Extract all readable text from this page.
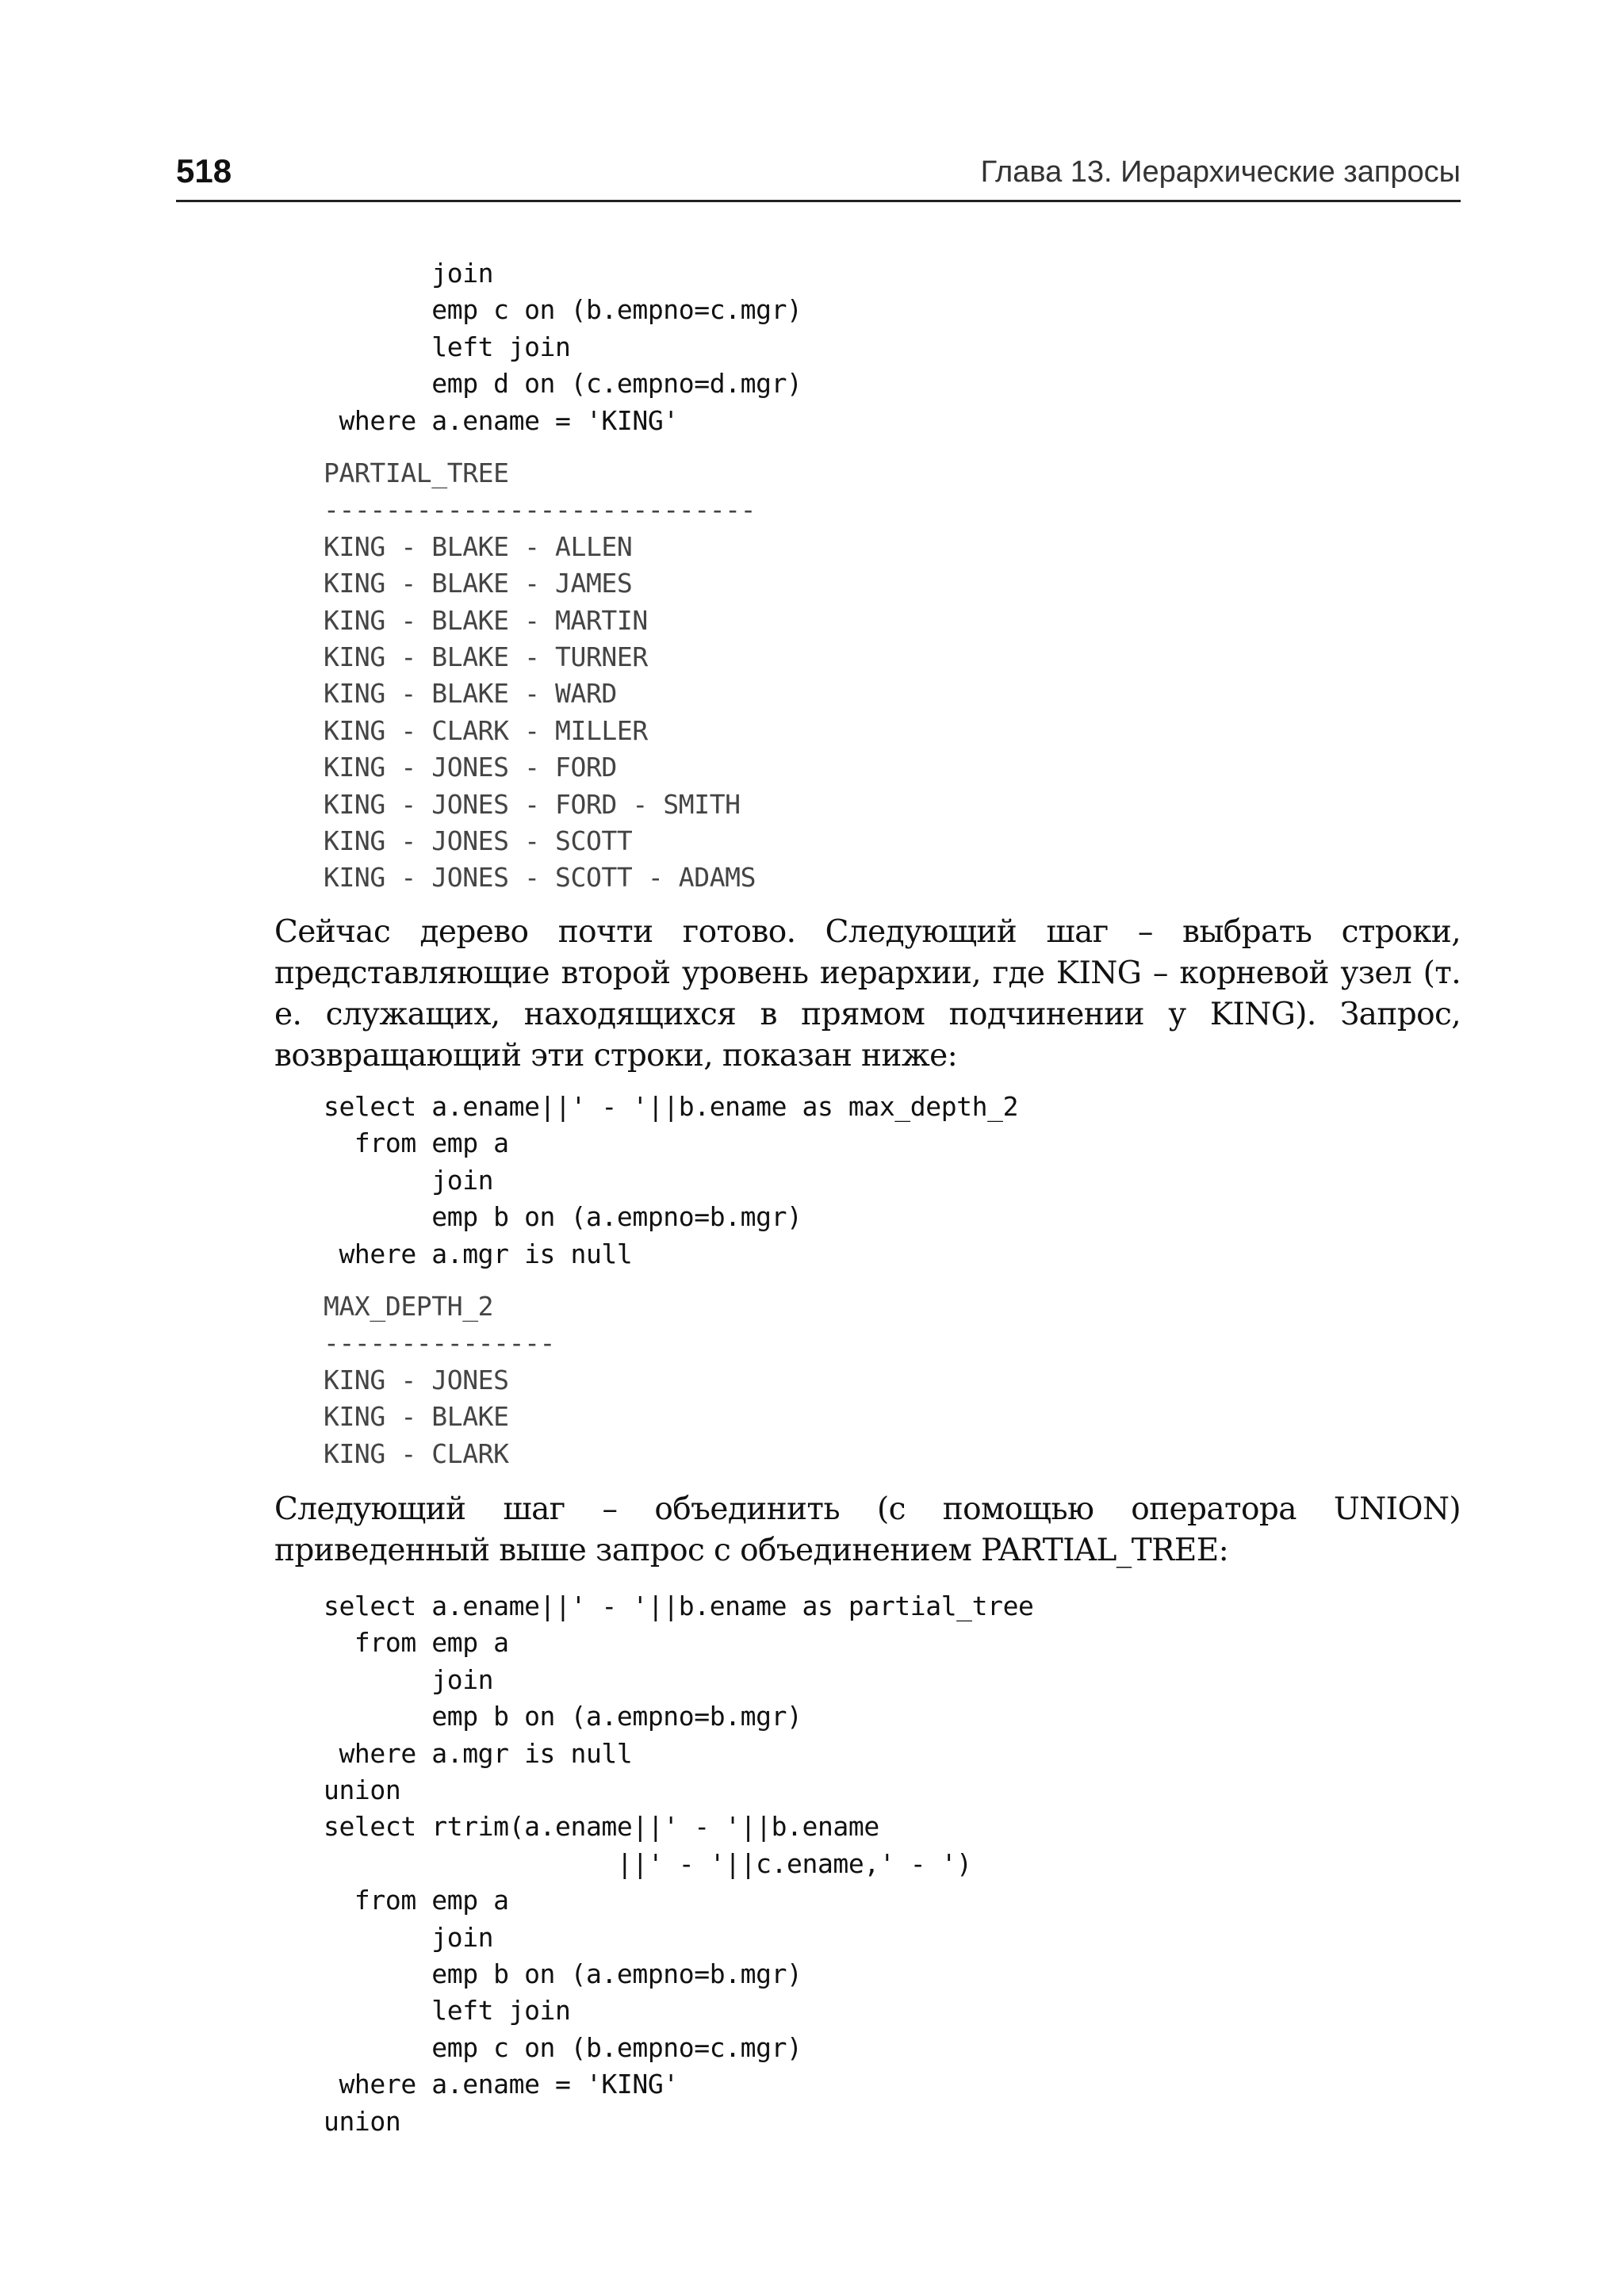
518	Глава 13. Иерархические запросы
join
emp c on (b.empno=c.mgr)
left join
emp d on (c.empno=d.mgr)
where a.ename = 'KING'
PARTIAL_TREE
----------------------------
KING - BLAKE - ALLEN
KING - BLAKE - JAMES
KING - BLAKE - MARTIN
KING - BLAKE - TURNER
KING - BLAKE - WARD
KING - CLARK - MILLER
KING - JONES - FORD
KING - JONES - FORD - SMITH
KING - JONES - SCOTT
KING - JONES - SCOTT - ADAMS

Сейчас дерево почти готово. Следующий шаг – выбрать строки, представляющие второй уровень иерархии, где KING – корневой узел (т. е. служащих, находящихся в прямом подчинении у KING). Запрос, возвращающий эти строки, показан ниже:

select a.ename||' - '||b.ename as max_depth_2
from emp a
join
emp b on (a.empno=b.mgr)
where a.mgr is null
MAX_DEPTH_2
---------------
KING - JONES
KING - BLAKE
KING - CLARK

Следующий шаг – объединить (с помощью оператора UNION) приведенный выше запрос с объединением PARTIAL_TREE:

select a.ename||' - '||b.ename as partial_tree
from emp a
join
emp b on (a.empno=b.mgr)
where a.mgr is null
union
select rtrim(a.ename||' - '||b.ename
||' - '||c.ename,' - ')
from emp a
join
emp b on (a.empno=b.mgr)
left join
emp c on (b.empno=c.mgr)
where a.ename = 'KING'
union
